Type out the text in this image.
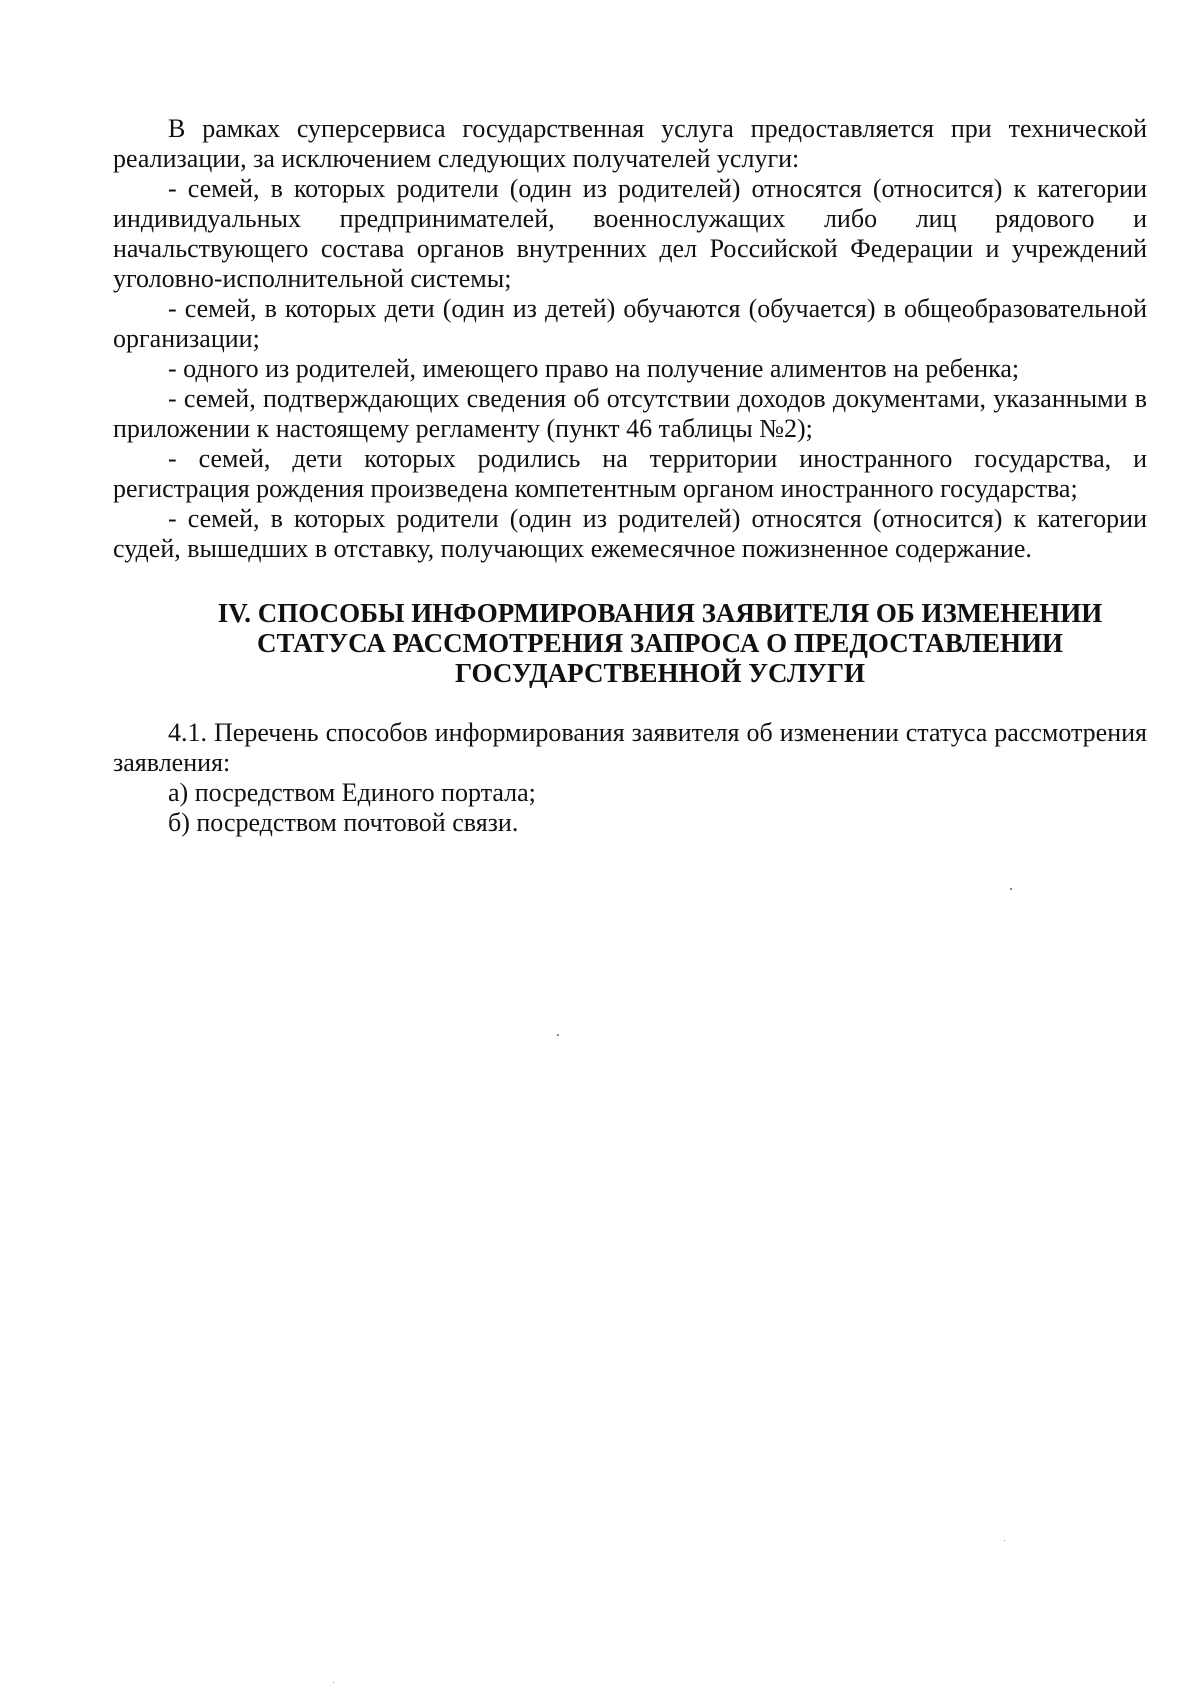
В рамках суперсервиса государственная услуга предоставляется при технической реализации, за исключением следующих получателей услуги:

- семей, в которых родители (один из родителей) относятся (относится) к категории индивидуальных предпринимателей, военнослужащих либо лиц рядового и начальствующего состава органов внутренних дел Российской Федерации и учреждений уголовно-исполнительной системы;

- семей, в которых дети (один из детей) обучаются (обучается) в общеобразовательной организации;

- одного из родителей, имеющего право на получение алиментов на ребенка;

- семей, подтверждающих сведения об отсутствии доходов документами, указанными в приложении к настоящему регламенту (пункт 46 таблицы №2);

- семей, дети которых родились на территории иностранного государства, и регистрация рождения произведена компетентным органом иностранного государства;

- семей, в которых родители (один из родителей) относятся (относится) к категории судей, вышедших в отставку, получающих ежемесячное пожизненное содержание.

IV. СПОСОБЫ ИНФОРМИРОВАНИЯ ЗАЯВИТЕЛЯ ОБ ИЗМЕНЕНИИ
СТАТУСА РАССМОТРЕНИЯ ЗАПРОСА О ПРЕДОСТАВЛЕНИИ
ГОСУДАРСТВЕННОЙ УСЛУГИ

4.1. Перечень способов информирования заявителя об изменении статуса рассмотрения заявления:

а) посредством Единого портала;

б) посредством почтовой связи.
